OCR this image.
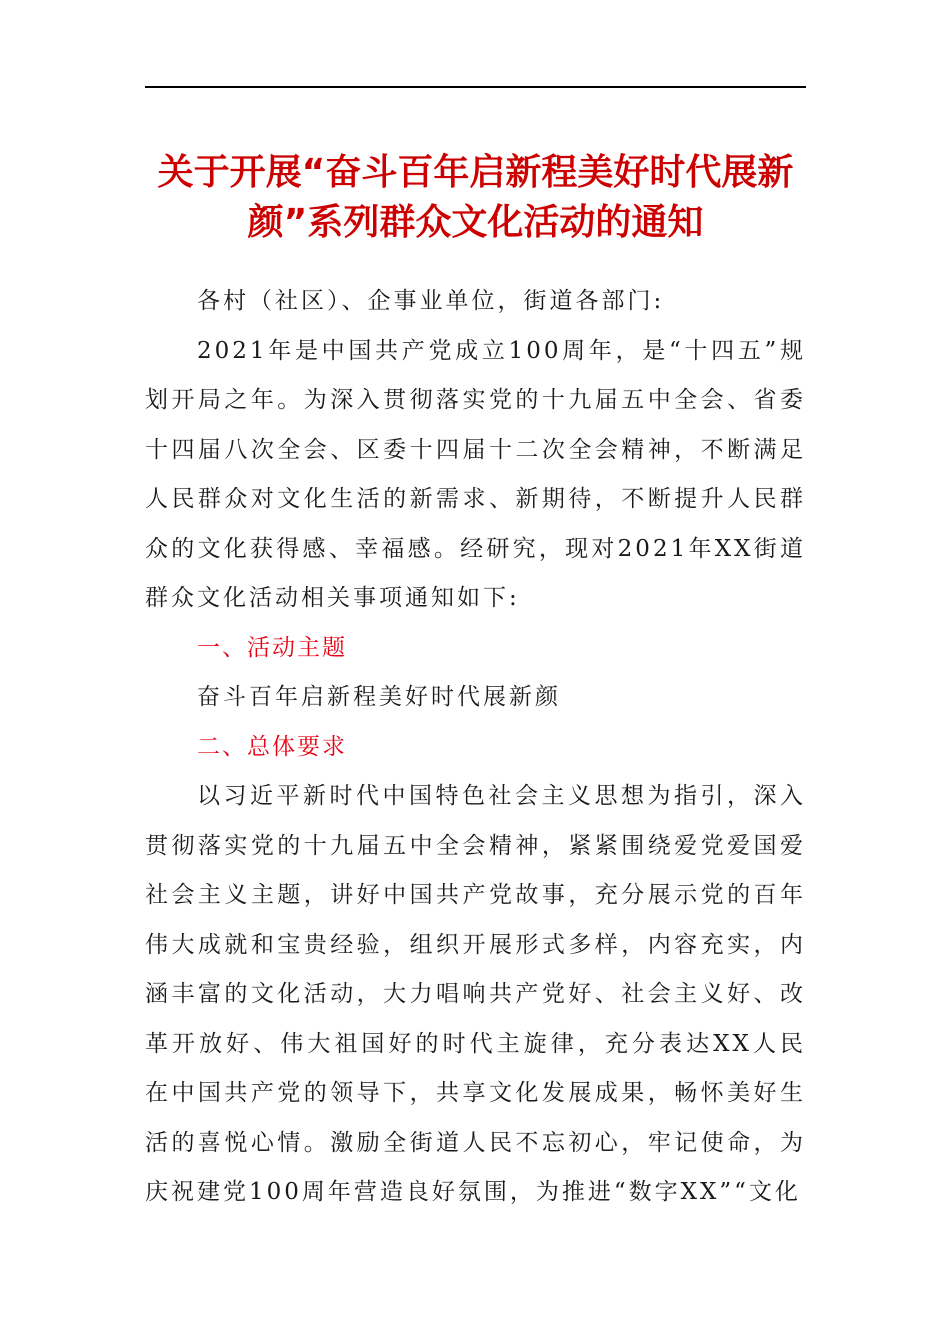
关于开展“奋斗百年启新程美好时代展新颜”系列群众文化活动的通知

各村（社区）、企事业单位，街道各部门:

2021年是中国共产党成立100周年，是“十四五”规划开局之年。为深入贯彻落实党的十九届五中全会、省委十四届八次全会、区委十四届十二次全会精神，不断满足人民群众对文化生活的新需求、新期待，不断提升人民群众的文化获得感、幸福感。经研究，现对2021年XX街道群众文化活动相关事项通知如下:

一、活动主题

奋斗百年启新程美好时代展新颜

二、总体要求

以习近平新时代中国特色社会主义思想为指引，深入贯彻落实党的十九届五中全会精神，紧紧围绕爱党爱国爱社会主义主题，讲好中国共产党故事，充分展示党的百年伟大成就和宝贵经验，组织开展形式多样，内容充实，内涵丰富的文化活动，大力唱响共产党好、社会主义好、改革开放好、伟大祖国好的时代主旋律，充分表达XX人民在中国共产党的领导下，共享文化发展成果，畅怀美好生活的喜悦心情。激励全街道人民不忘初心，牢记使命，为庆祝建党100周年营造良好氛围，为推进“数字XX”“文化
